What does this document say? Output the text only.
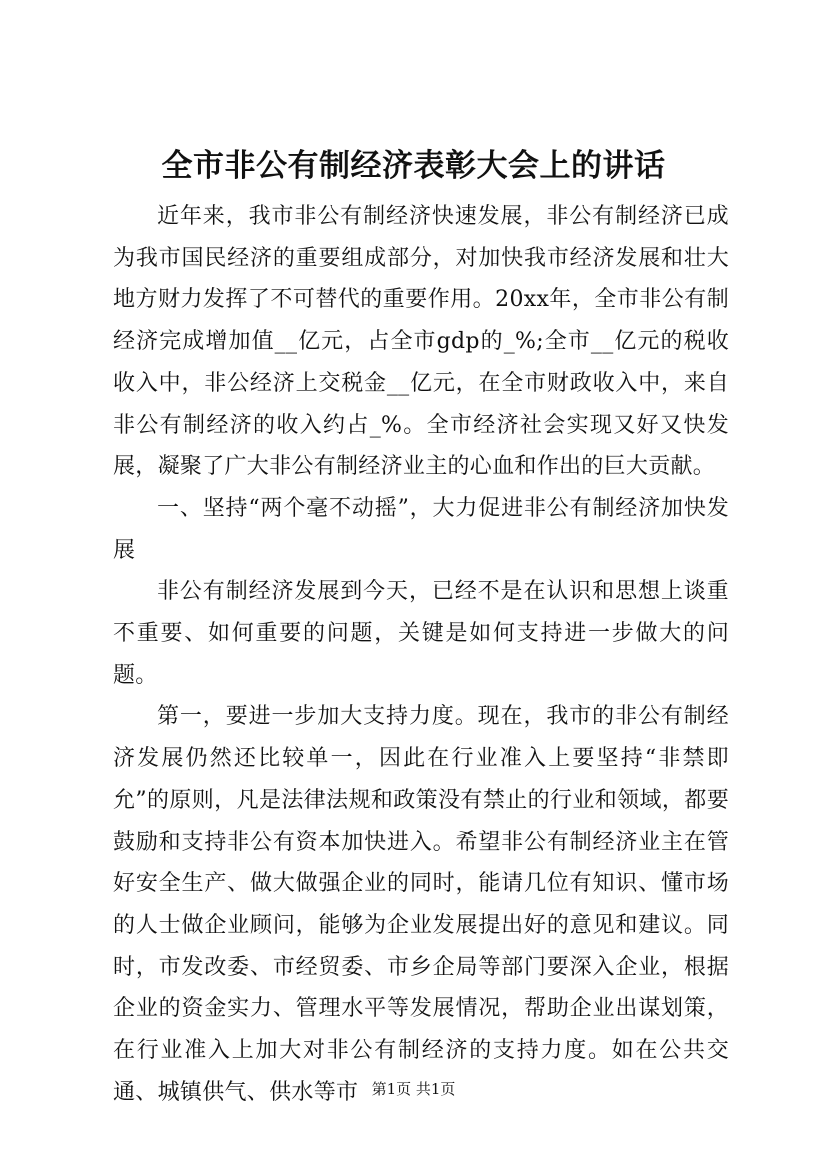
全市非公有制经济表彰大会上的讲话

近年来，我市非公有制经济快速发展，非公有制经济已成为我市国民经济的重要组成部分，对加快我市经济发展和壮大地方财力发挥了不可替代的重要作用。20xx年，全市非公有制经济完成增加值__亿元，占全市gdp的_%;全市__亿元的税收收入中，非公经济上交税金__亿元，在全市财政收入中，来自非公有制经济的收入约占_%。全市经济社会实现又好又快发展，凝聚了广大非公有制经济业主的心血和作出的巨大贡献。

一、坚持“两个毫不动摇”，大力促进非公有制经济加快发展

非公有制经济发展到今天，已经不是在认识和思想上谈重不重要、如何重要的问题，关键是如何支持进一步做大的问题。

第一，要进一步加大支持力度。现在，我市的非公有制经济发展仍然还比较单一，因此在行业准入上要坚持“非禁即允”的原则，凡是法律法规和政策没有禁止的行业和领域，都要鼓励和支持非公有资本加快进入。希望非公有制经济业主在管好安全生产、做大做强企业的同时，能请几位有知识、懂市场的人士做企业顾问，能够为企业发展提出好的意见和建议。同时，市发改委、市经贸委、市乡企局等部门要深入企业，根据企业的资金实力、管理水平等发展情况，帮助企业出谋划策，在行业准入上加大对非公有制经济的支持力度。如在公共交通、城镇供气、供水等市 第1页 共1页
